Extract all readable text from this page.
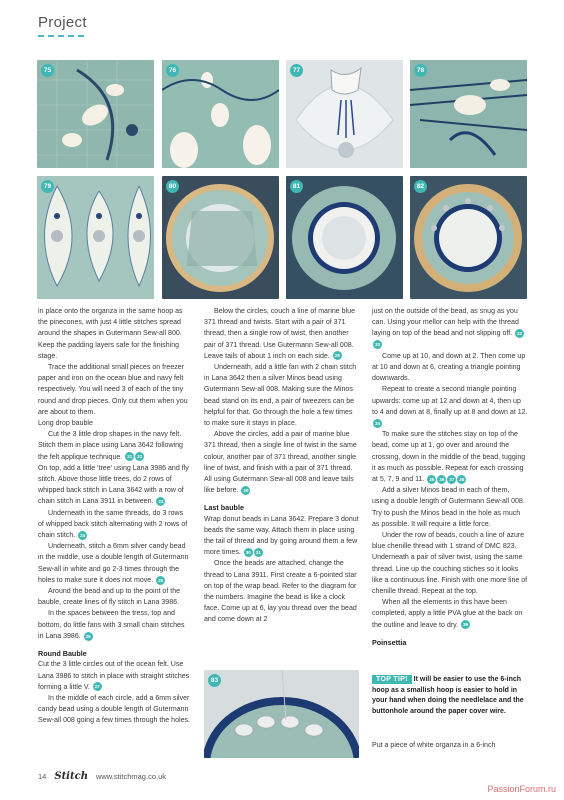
Project
75	76	77	78
79	80	81	82

in place onto the organza in the same hoop as the pinecones, with just 4 little stitches spread around the shapes in Gutermann Sew-all 800. Keep the padding layers safe for the finishing stage.

Trace the additional small pieces on freezer paper and iron on the ocean blue and navy felt respectively. You will need 3 of each of the tiny round and drop pieces. Only cut them when you are about to them.

Long drop bauble

Cut the 3 little drop shapes in the navy felt. Stitch them in place using Lana 3642 following the felt applique technique. 21 22

On top, add a little 'tree' using Lana 3986 and fly stitch. Above those little trees, do 2 rows of whipped back stitch in Lana 3642 with a row of chain stitch in Lana 3911 in between. 23

Underneath in the same threads, do 3 rows of whipped back stitch alternating with 2 rows of chain stitch. 24

Underneath, stitch a 6mm silver candy bead in the middle, use a double length of Gutermann Sew-all in white and go 2-3 times through the holes to make sure it does not move. 25

Around the bead and up to the point of the bauble, create lines of fly stitch in Lana 3986.

In the spaces between the tress, top and bottom, do little fans with 3 small chain stitches in Lana 3986. 26

Round Bauble

Cut the 3 little circles out of the ocean felt. Use Lana 3986 to stitch in place with straight stitches forming a little V. 27

In the middle of each circle, add a 6mm silver candy bead using a double length of Gutermann Sew-all 008 going a few times through the holes.

Below the circles, couch a line of marine blue 371 thread and twists. Start with a pair of 371 thread, then a single row of twist, then another pair of 371 thread. Use Gutermann Sew-all 008. Leave tails of about 1 inch on each side. 28

Underneath, add a little fan with 2 chain stitch in Lana 3642 then a silver Minos bead using Gutermann Sew-all 008. Making sure the Minos bead stand on its end, a pair of tweezers can be helpful for that. Go through the hole a few times to make sure it stays in place.

Above the circles, add a pair of marine blue 371 thread, then a single line of twist in the same colour, another pair of 371 thread, another single line of twist, and finish with a pair of 371 thread. All using Gutermann Sew-all 008 and leave tails like before. 29

Last bauble

Wrap donut beads in Lana 3642. Prepare 3 donut beads the same way. Attach them in place using the tail of thread and by going around them a few more times. 30 31

Once the beads are attached, change the thread to Lana 3911. First create a 6-pointed star on top of the wrap bead. Refer to the diagram for the numbers. Imagine the bead is like a clock face. Come up at 6, lay you thread over the bead and come down at 2

83

just on the outside of the bead, as snug as you can. Using your mellor can help with the thread laying on top of the bead and not slipping off. 3233

Come up at 10, and down at 2. Then come up at 10 and down at 6, creating a triangle pointing downwards.

Repeat to create a second triangle pointing upwards: come up at 12 and down at 4, then up to 4 and down at 8, finally up at 8 and down at 12. 34

To make sure the stitches stay on top of the bead, come up at 1, go over and around the crossing, down in the middle of the bead, tugging it as much as possible. Repeat for each crossing at 5, 7, 9 and 11. 35 36 37 38

Add a silver Minos bead in each of them, using a double length of Gutermann Sew-all 008. Try to push the Minos bead in the hole as much as possible. It will require a little force.

Under the row of beads, couch a line of azure blue chenille thread with 1 strand of DMC 823. Underneath a pair of silver twist, using the same thread. Line up the couching stiches so it looks like a continuous line. Finish with one more line of chenille thread. Repeat at the top.

When all the elements in this have been completed, apply a little PVA glue at the back on the outline and leave to dry. 39

Poinsettia
TOP TIP! It will be easier to use the 6-inch hoop as a smallish hoop is easier to hold in your hand when doing the needlelace and the buttonhole around the paper cover wire.

Put a piece of white organza in a 6-inch

14 Stitch www.stitchmag.co.uk
PassionForum.ru
